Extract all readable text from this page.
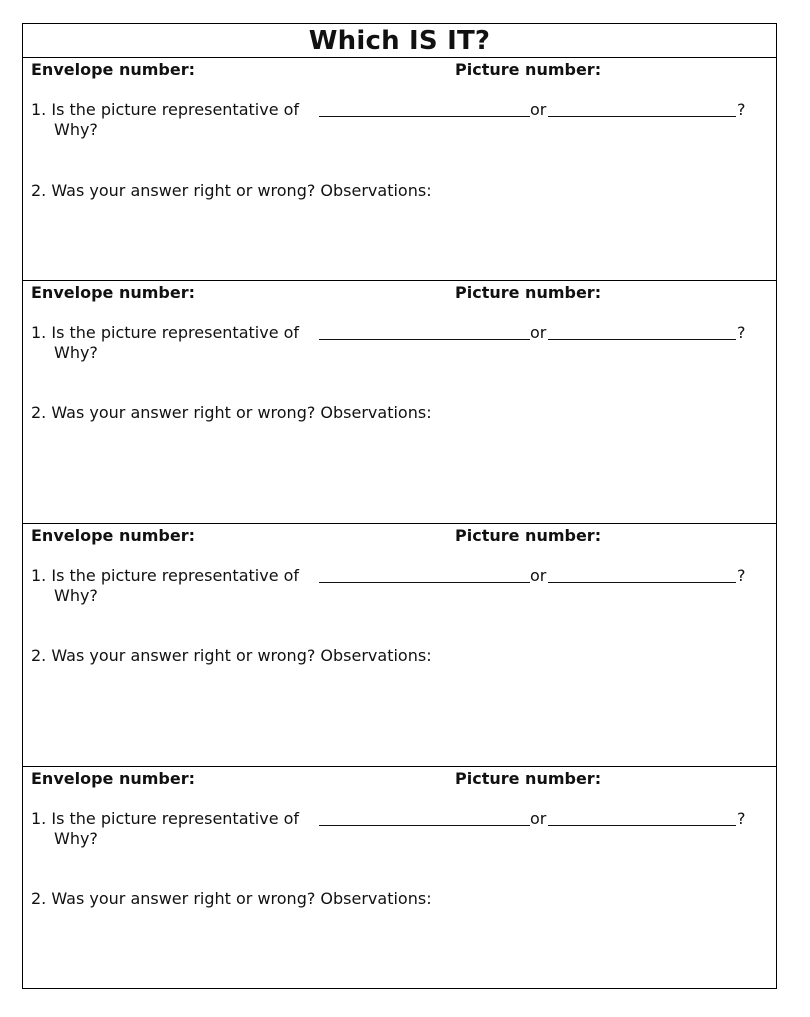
Which IS IT?
Envelope number:	Picture number:
1. Is the picture representative of	or	?
Why?
2. Was your answer right or wrong? Observations:
Envelope number:	Picture number:
1. Is the picture representative of	or	?
Why?
2. Was your answer right or wrong? Observations:
Envelope number:	Picture number:
1. Is the picture representative of	or	?
Why?
2. Was your answer right or wrong? Observations:
Envelope number:	Picture number:
1. Is the picture representative of	or	?
Why?
2. Was your answer right or wrong? Observations:
